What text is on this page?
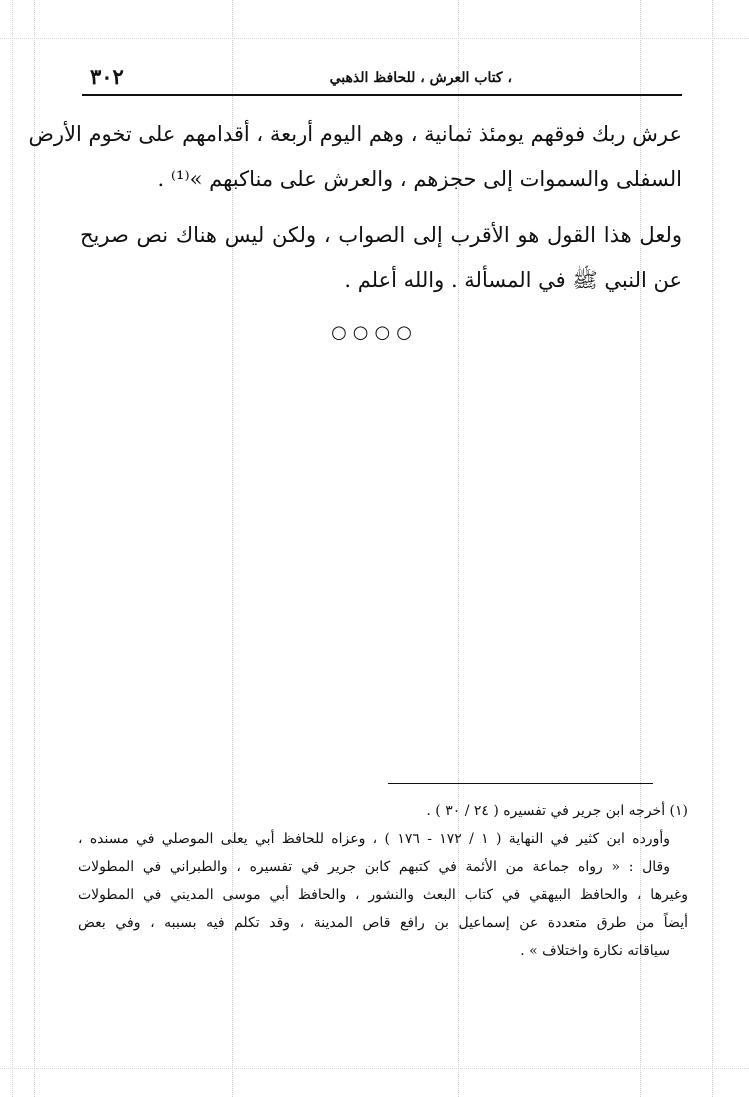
، كتاب العرش ، للحافظ الذهبي
٣٠٢

عرش ربك فوقهم يومئذ ثمانية ، وهم اليوم أربعة ، أقدامهم على تخوم الأرض
السفلى والسموات إلى حجزهم ، والعرش على مناكبهم »⁽¹⁾ .

ولعل هذا القول هو الأقرب إلى الصواب ، ولكن ليس هناك نص صريح
عن النبي ﷺ في المسألة . والله أعلم .

○○○○
(١) أخرجه ابن جرير في تفسيره ( ٢٤ / ٣٠ ) .
وأورده ابن كثير في النهاية ( ١ / ١٧٢ - ١٧٦ ) ، وعزاه للحافظ أبي يعلى الموصلي في مسنده ،
وقال : « رواه جماعة من الأئمة في كتبهم كابن جرير في تفسيره ، والطبراني في المطولات
وغيرها ، والحافظ البيهقي في كتاب البعث والنشور ، والحافظ أبي موسى المديني في المطولات
أيضاً من طرق متعددة عن إسماعيل بن رافع قاص المدينة ، وقد تكلم فيه بسببه ، وفي بعض
سياقاته نكارة واختلاف » .
